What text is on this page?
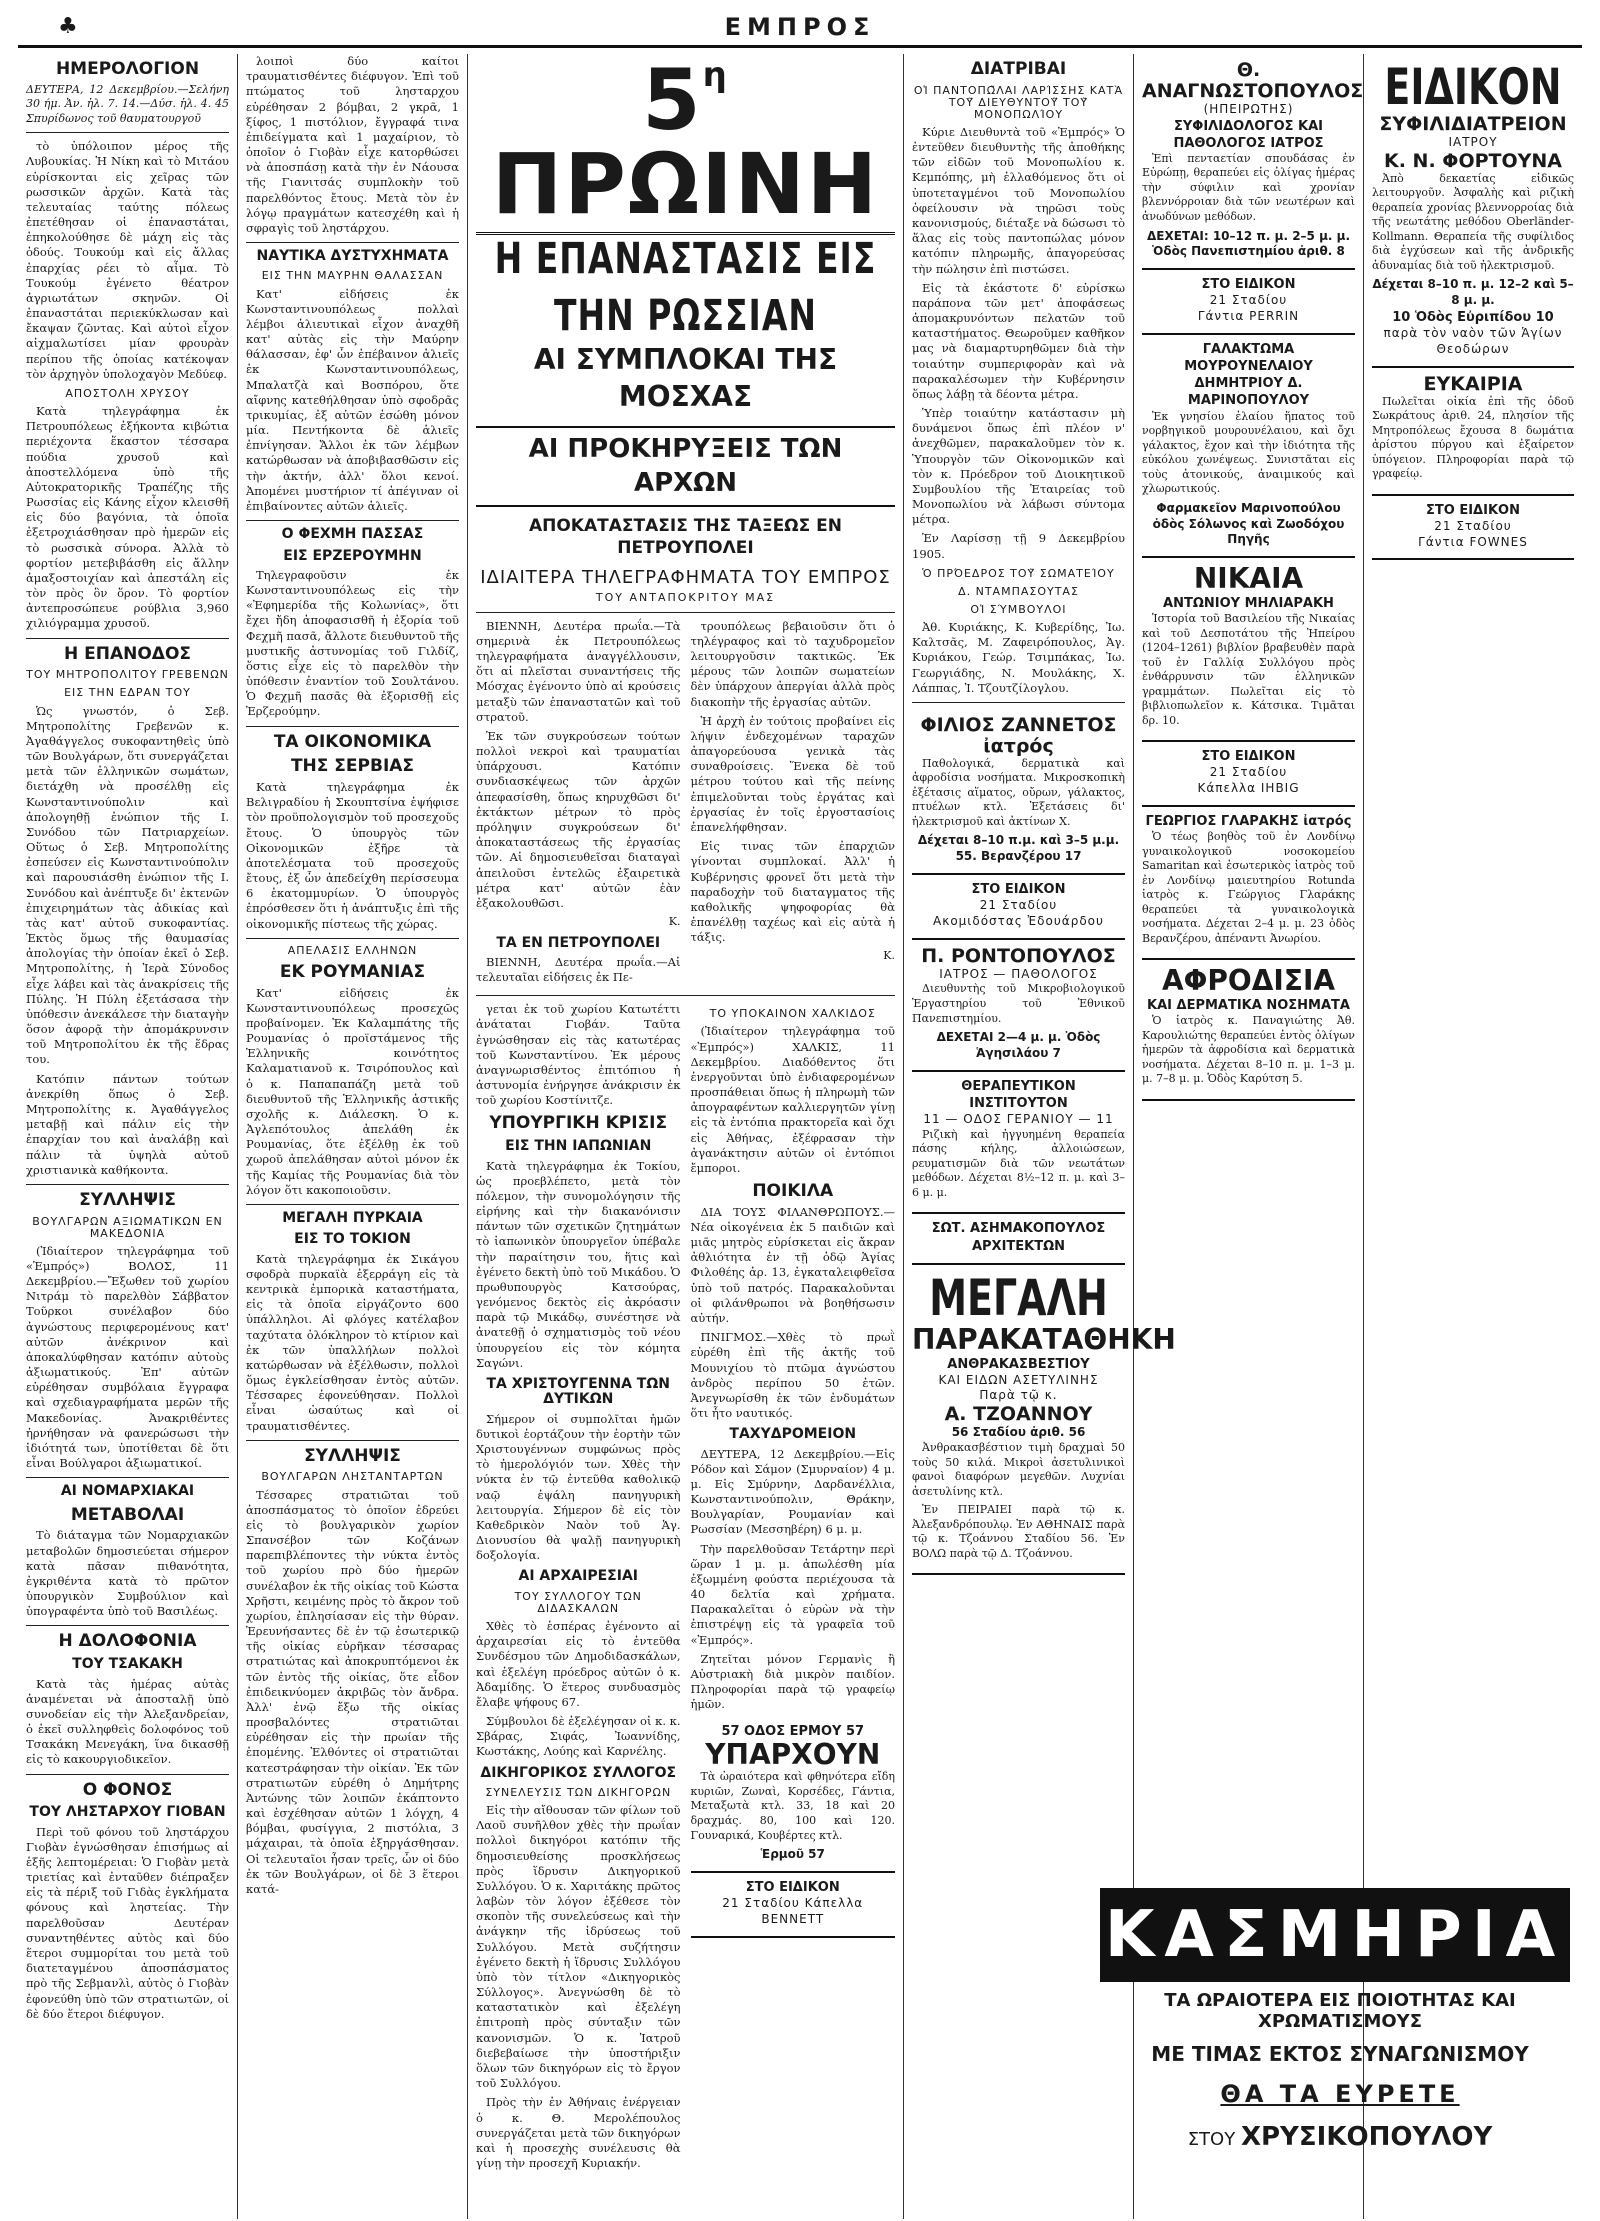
♣	ΕΜΠΡΟΣ
ΗΜΕΡΟΛΟΓΙΟΝ

ΔΕΥΤΕΡΑ, 12 Δεκεμβρίου.—Σελήνη 30 ήμ. Ἀν. ἡλ. 7. 14.—Δύσ. ἡλ. 4. 45 Σπυρίδωνος τοῦ θαυματουργοῦ

τὸ ὑπόλοιπον μέρος τῆς Λυβουκίας. Ἡ Νίκη καὶ τὸ Μιτάου εὑρίσκονται εἰς χεῖρας τῶν ρωσσικῶν ἀρχῶν. Κατὰ τὰς τελευταίας ταύτης πόλεως ἐπετέθησαν οἱ ἐπαναστάται, ἐπηκολούθησε δὲ μάχη εἰς τὰς ὁδούς. Τουκούμ καὶ εἰς ἄλλας ἐπαρχίας ρέει τὸ αἷμα. Τὸ Τουκούμ ἐγένετο θέατρον ἀγριωτάτων σκηνῶν. Οἱ ἐπαναστάται περιεκύκλωσαν καὶ ἔκαψαν ζῶντας. Καὶ αὐτοὶ εἶχον αἰχμαλωτίσει μίαν φρουρὰν περίπου τῆς ὁποίας κατέκοψαν τὸν ἀρχηγὸν ὑπολοχαγὸν Μεδύεφ.

ΑΠΟΣΤΟΛΗ ΧΡΥΣΟΥ

Κατὰ τηλεγράφημα ἐκ Πετρουπόλεως ἐξήκοντα κιβώτια περιέχοντα ἕκαστον τέσσαρα πούδια χρυσοῦ καὶ ἀποστελλόμενα ὑπὸ τῆς Αὐτοκρατορικῆς Τραπέζης τῆς Ρωσσίας εἰς Κάνης εἶχον κλεισθῆ εἰς δύο βαγόνια, τὰ ὁποῖα ἐξετροχιάσθησαν πρὸ ἡμερῶν εἰς τὸ ρωσσικὰ σύνορα. Ἀλλὰ τὸ φορτίον μετεβιβάσθη εἰς ἄλλην ἁμαξοστοιχίαν καὶ ἀπεστάλη εἰς τὸν πρὸς ὃν ὅρον. Τὸ φορτίον ἀντεπροσώπευε ρούβλια 3,960 χιλιόγραμμα χρυσοῦ.

Η ΕΠΑΝΟΔΟΣ
ΤΟΥ ΜΗΤΡΟΠΟΛΙΤΟΥ ΓΡΕΒΕΝΩΝ
ΕΙΣ ΤΗΝ ΕΔΡΑΝ ΤΟΥ

Ὡς γνωστόν, ὁ Σεβ. Μητροπολίτης Γρεβενῶν κ. Ἀγαθάγγελος συκοφαντηθεὶς ὑπὸ τῶν Βουλγάρων, ὅτι συνεργάζεται μετὰ τῶν ἑλληνικῶν σωμάτων, διετάχθη νὰ προσέλθῃ εἰς Κωνσταντινούπολιν καὶ ἀπολογηθῇ ἐνώπιον τῆς Ι. Συνόδου τῶν Πατριαρχείων. Οὕτως ὁ Σεβ. Μητροπολίτης ἐσπεύσεν εἰς Κωνσταντινούπολιν καὶ παρουσιάσθη ἐνώπιον τῆς Ι. Συνόδου καὶ ἀνέπτυξε δι' ἐκτενῶν ἐπιχειρημάτων τὰς ἀδικίας καὶ τὰς κατ' αὐτοῦ συκοφαντίας. Ἐκτὸς ὅμως τῆς θαυμασίας ἀπολογίας τὴν ὁποίαν ἐκεῖ ὁ Σεβ. Μητροπολίτης, ἡ Ἱερὰ Σύνοδος εἶχε λάβει καὶ τὰς ἀνακρίσεις τῆς Πύλης. Ἡ Πύλη ἐξετάσασα τὴν ὑπόθεσιν ἀνεκάλεσε τὴν διαταγὴν ὅσον ἀφορᾷ τὴν ἀπομάκρυνσιν τοῦ Μητροπολίτου ἐκ τῆς ἕδρας του.

Κατόπιν πάντων τούτων ἀνεκρίθη ὅπως ὁ Σεβ. Μητροπολίτης κ. Ἀγαθάγγελος μεταβῇ καὶ πάλιν εἰς τὴν ἐπαρχίαν του καὶ ἀναλάβῃ καὶ πάλιν τὰ ὑψηλὰ αὐτοῦ χριστιανικὰ καθήκοντα.

ΣΥΛΛΗΨΙΣ
ΒΟΥΛΓΑΡΩΝ ΑΞΙΩΜΑΤΙΚΩΝ ΕΝ ΜΑΚΕΔΟΝΙΑ

(Ἰδιαίτερον τηλεγράφημα τοῦ «Ἐμπρός») ΒΟΛΟΣ, 11 Δεκεμβρίου.—Ἔξωθεν τοῦ χωρίου Νιτράμ τὸ παρελθὸν Σάββατον Τοῦρκοι συνέλαβον δύο ἀγνώστους περιφερομένους κατ' αὐτῶν ἀνέκρινον καὶ ἀποκαλύφθησαν κατόπιν αὐτοὺς ἀξιωματικούς. Ἐπ' αὐτῶν εὑρέθησαν συμβόλαια ἔγγραφα καὶ σχεδιαγραφήματα μερῶν τῆς Μακεδονίας. Ἀνακριθέντες ἠρνήθησαν νὰ φανερώσωσι τὴν ἰδιότητά των, ὑποτίθεται δὲ ὅτι εἶναι Βούλγαροι ἀξιωματικοί.

ΑΙ ΝΟΜΑΡΧΙΑΚΑΙ
ΜΕΤΑΒΟΛΑΙ

Τὸ διάταγμα τῶν Νομαρχιακῶν μεταβολῶν δημοσιεύεται σήμερον κατὰ πᾶσαν πιθανότητα, ἐγκριθέντα κατὰ τὸ πρῶτον ὑπουργικὸν Συμβούλιον καὶ ὑπογραφέντα ὑπὸ τοῦ Βασιλέως.

Η ΔΟΛΟΦΟΝΙΑ
ΤΟΥ ΤΣΑΚΑΚΗ

Κατὰ τὰς ἡμέρας αὐτὰς ἀναμένεται νὰ ἀποσταλῇ ὑπὸ συνοδείαν εἰς τὴν Ἀλεξανδρείαν, ὁ ἐκεῖ συλληφθεὶς δολοφόνος τοῦ Τσακάκη Μενεγάκη, ἵνα δικασθῇ εἰς τὸ κακουργιοδικεῖον.

Ο ΦΟΝΟΣ
ΤΟΥ ΛΗΣΤΑΡΧΟΥ ΓΙΟΒΑΝ

Περὶ τοῦ φόνου τοῦ ληστάρχου Γιοβὰν ἐγνώσθησαν ἐπισήμως αἱ ἑξῆς λεπτομέρειαι: Ὁ Γιοβὰν μετὰ τριετίας καὶ ἐνταῦθεν διέπραξεν εἰς τὰ πέριξ τοῦ Γιδὰς ἐγκλήματα φόνους καὶ ληστείας. Τὴν παρελθοῦσαν Δευτέραν συναντηθέντες αὐτὸς καὶ δύο ἕτεροι συμμορίται του μετὰ τοῦ διατεταγμένου ἀποσπάσματος πρὸ τῆς Σεβμανλὶ, αὐτὸς ὁ Γιοβὰν ἐφονεύθη ὑπὸ τῶν στρατιωτῶν, οἱ δὲ δύο ἕτεροι διέφυγον.

λοιποὶ δύο καίτοι τραυματισθέντες διέφυγον. Ἐπὶ τοῦ πτώματος τοῦ λησταρχου εὑρέθησαν 2 βόμβαι, 2 γκρᾶ, 1 ξίφος, 1 πιστόλιον, ἔγγραφά τινα ἐπιδείγματα καὶ 1 μαχαίριον, τὸ ὁποῖον ὁ Γιοβὰν εἶχε κατορθώσει νὰ ἀποσπάσῃ κατὰ τὴν ἐν Νάουσα τῆς Γιανιτσάς συμπλοκὴν τοῦ παρελθόντος ἔτους. Μετὰ τὸν ἐν λόγῳ πραγμάτων κατεσχέθη καὶ ἡ σφραγὶς τοῦ ληστάρχου.

ΝΑΥΤΙΚΑ ΔΥΣΤΥΧΗΜΑΤΑ
ΕΙΣ ΤΗΝ ΜΑΥΡΗΝ ΘΑΛΑΣΣΑΝ

Κατ' εἰδήσεις ἐκ Κωνσταντινουπόλεως πολλαὶ λέμβοι ἁλιευτικαὶ εἶχον ἀναχθῆ κατ' αὐτὰς εἰς τὴν Μαύρην θάλασσαν, ἐφ' ὧν ἐπέβαινον ἁλιεῖς ἐκ Κωνσταντινουπόλεως, Μπαλατζὰ καὶ Βοσπόρου, ὅτε αἴφνης κατεθήλθησαν ὑπὸ σφοδρᾶς τρικυμίας, ἐξ αὐτῶν ἐσώθη μόνον μία. Πεντήκοντα δὲ ἁλιεῖς ἐπνίγησαν. Ἄλλοι ἐκ τῶν λέμβων κατώρθωσαν νὰ ἀποβιβασθῶσιν εἰς τὴν ἀκτήν, ἀλλ' ὅλοι κενοί. Ἀπομένει μυστήριον τί ἀπέγιναν οἱ ἐπιβαίνοντες αὐτῶν ἁλιεῖς.

Ο ΦΕΧΜΗ ΠΑΣΣΑΣ
ΕΙΣ ΕΡΖΕΡΟΥΜΗΝ

Τηλεγραφοῦσιν ἐκ Κωνσταντινουπόλεως εἰς τὴν «Ἐφημερίδα τῆς Κολωνίας», ὅτι ἔχει ἤδη ἀποφασισθῆ ἡ ἐξορία τοῦ Φεχμῆ πασᾶ, ἄλλοτε διευθυντοῦ τῆς μυστικῆς ἀστυνομίας τοῦ Γιλδίζ, ὅστις εἶχε εἰς τὸ παρελθὸν τὴν ὑπόθεσιν ἐναντίον τοῦ Σουλτάνου. Ὁ Φεχμῆ πασᾶς θὰ ἐξορισθῇ εἰς Ἐρζερούμην.

ΤΑ ΟΙΚΟΝΟΜΙΚΑ
ΤΗΣ ΣΕΡΒΙΑΣ

Κατὰ τηλεγράφημα ἐκ Βελιγραδίου ἡ Σκουπτσίνα ἐψήφισε τὸν προϋπολογισμὸν τοῦ προσεχοῦς ἔτους. Ὁ ὑπουργὸς τῶν Οἰκονομικῶν ἐξῆρε τὰ ἀποτελέσματα τοῦ προσεχοῦς ἔτους, ἐξ ὧν ἀπεδείχθη περίσσευμα 6 ἑκατομμυρίων. Ὁ ὑπουργὸς ἐπρόσθεσεν ὅτι ἡ ἀνάπτυξις ἐπὶ τῆς οἰκονομικῆς πίστεως τῆς χώρας.

ΑΠΕΛΑΣΙΣ ΕΛΛΗΝΩΝ
ΕΚ ΡΟΥΜΑΝΙΑΣ

Κατ' εἰδήσεις ἐκ Κωνσταντινουπόλεως προσεχῶς προβαίνομεν. Ἐκ Καλαμπάτης τῆς Ρουμανίας ὁ προϊστάμενος τῆς Ἑλληνικῆς κοινότητος Καλαματιανοῦ κ. Τσιρόπουλος καὶ ὁ κ. Παπαπαπάζη μετὰ τοῦ διευθυντοῦ τῆς Ἑλληνικῆς ἀστικῆς σχολῆς κ. Διάλεσκη. Ὁ κ. Ἀγλεπότουλος ἀπελάθη ἐκ Ρουμανίας, ὅτε ἐξέλθῃ ἐκ τοῦ χωροῦ ἀπελάθησαν αὐτοὶ μόνον ἐκ τῆς Καμίας τῆς Ρουμανίας διὰ τὸν λόγον ὅτι κακοποιοῦσιν.

ΜΕΓΑΛΗ ΠΥΡΚΑΙΑ
ΕΙΣ ΤΟ ΤΟΚΙΟΝ

Κατὰ τηλεγράφημα ἐκ Σικάγου σφοδρὰ πυρκαϊὰ ἐξερράγη εἰς τὰ κεντρικὰ ἐμπορικὰ καταστήματα, εἰς τὰ ὁποῖα εἰργάζοντο 600 ὑπάλληλοι. Αἱ φλόγες κατέλαβον ταχύτατα ὁλόκληρον τὸ κτίριον καὶ ἐκ τῶν ὑπαλλήλων πολλοὶ κατώρθωσαν νὰ ἐξέλθωσιν, πολλοὶ ὅμως ἐγκλείσθησαν ἐντὸς αὐτῶν. Τέσσαρες ἐφονεύθησαν. Πολλοὶ εἶναι ὡσαύτως καὶ οἱ τραυματισθέντες.

ΣΥΛΛΗΨΙΣ
ΒΟΥΛΓΑΡΩΝ ΛΗΣΤΑΝΤΑΡΤΩΝ

Τέσσαρες στρατιῶται τοῦ ἀποσπάσματος τὸ ὁποῖον ἐδρεύει εἰς τὸ βουλγαρικὸν χωρίον Σπανσέβον τῶν Κοζάνων παρεπιβλέποντες τὴν νύκτα ἐντὸς τοῦ χωρίου πρὸ δύο ἡμερῶν συνέλαβον ἐκ τῆς οἰκίας τοῦ Κώστα Χρῆστι, κειμένης πρὸς τὸ ἄκρον τοῦ χωρίου, ἐπλησίασαν εἰς τὴν θύραν. Ἐρευνήσαντες δὲ ἐν τῷ ἐσωτερικῷ τῆς οἰκίας εὑρῆκαν τέσσαρας στρατιώτας καὶ ἀποκρυπτόμενοι ἐκ τῶν ἐντὸς τῆς οἰκίας, ὅτε εἶδον ἐπιδεικνύομεν ἀκριβῶς τὸν ἄνδρα. Ἀλλ' ἐνῷ ἔξω τῆς οἰκίας προσβαλόντες στρατιῶται εὑρέθησαν εἰς τὴν πρωίαν τῆς ἑπομένης. Ἐλθόντες οἱ στρατιῶται κατεστράφησαν τὴν οἰκίαν. Ἐκ τῶν στρατιωτῶν εὑρέθη ὁ Δημήτρης Ἀντώνης τῶν λοιπῶν ἐκάπτοντο καὶ ἐσχέθησαν αὐτῶν 1 λόγχη, 4 βόμβαι, φυσίγγια, 2 πιστόλια, 3 μάχαιραι, τὰ ὁποῖα ἐξηργάσθησαν. Οἱ τελευταῖοι ἦσαν τρεῖς, ὧν οἱ δύο ἐκ τῶν Βουλγάρων, οἱ δὲ 3 ἕτεροι κατά-

$5^\eta$ ΠΡΩΙΝΗ
Η ΕΠΑΝΑΣΤΑΣΙΣ ΕΙΣ ΤΗΝ ΡΩΣΣΙΑΝ
ΑΙ ΣΥΜΠΛΟΚΑΙ ΤΗΣ ΜΟΣΧΑΣ
ΑΙ ΠΡΟΚΗΡΥΞΕΙΣ ΤΩΝ ΑΡΧΩΝ
ΑΠΟΚΑΤΑΣΤΑΣΙΣ ΤΗΣ ΤΑΞΕΩΣ ΕΝ ΠΕΤΡΟΥΠΟΛΕΙ
ΙΔΙΑΙΤΕΡΑ ΤΗΛΕΓΡΑΦΗΜΑΤΑ ΤΟΥ ΕΜΠΡΟΣ
ΤΟΥ ΑΝΤΑΠΟΚΡΙΤΟΥ ΜΑΣ

ΒΙΕΝΝΗ, Δευτέρα πρωΐα.—Τὰ σημερινὰ ἐκ Πετρουπόλεως τηλεγραφήματα ἀναγγέλλουσιν, ὅτι αἱ πλεῖσται συναντήσεις τῆς Μόσχας ἐγένοντο ὑπὸ αἱ κρούσεις μεταξὺ τῶν ἐπαναστατῶν καὶ τοῦ στρατοῦ.

Ἐκ τῶν συγκρούσεων τούτων πολλοὶ νεκροὶ καὶ τραυματίαι ὑπάρχουσι. Κατόπιν συνδιασκέψεως τῶν ἀρχῶν ἀπεφασίσθη, ὅπως κηρυχθῶσι δι' ἐκτάκτων μέτρων τὸ πρὸς πρόληψιν συγκρούσεων δι' ἀποκαταστάσεως τῆς ἐργασίας τῶν. Αἱ δημοσιευθεῖσαι διαταγαὶ ἀπειλοῦσι ἐντελῶς ἐξαιρετικὰ μέτρα κατ' αὐτῶν ἐὰν ἐξακολουθῶσι.

Κ.

ΤΑ ΕΝ ΠΕΤΡΟΥΠΟΛΕΙ

ΒΙΕΝΝΗ, Δευτέρα πρωΐα.—Αἱ τελευταῖαι εἰδήσεις ἐκ Πε-

τρουπόλεως βεβαιοῦσιν ὅτι ὁ τηλέγραφος καὶ τὸ ταχυδρομεῖον λειτουργοῦσιν τακτικῶς. Ἐκ μέρους τῶν λοιπῶν σωματείων δὲν ὑπάρχουν ἀπεργίαι ἀλλὰ πρὸς διακοπὴν τῆς ἐργασίας αὐτῶν.

Ἡ ἀρχὴ ἐν τούτοις προβαίνει εἰς λήψιν ἐνδεχομένων ταραχῶν ἀπαγορεύουσα γενικὰ τὰς συναθροίσεις. Ἕνεκα δὲ τοῦ μέτρου τούτου καὶ τῆς πείνης ἐπιμελοῦνται τοὺς ἐργάτας καὶ ἐργασίας ἐν τοῖς ἐργοστασίοις ἐπανελήφθησαν.

Εἰς τινας τῶν ἐπαρχιῶν γίνονται συμπλοκαί. Ἀλλ' ἡ Κυβέρνησις φρονεῖ ὅτι μετὰ τὴν παραδοχὴν τοῦ διαταγματος τῆς καθολικῆς ψηφοφορίας θὰ ἐπανέλθῃ ταχέως καὶ εἰς αὐτὰ ἡ τάξις.

Κ.

γεται ἐκ τοῦ χωρίου Κατωτέττι ἀνάταται Γιοβάν. Ταῦτα ἐγνώσθησαν εἰς τὰς κατωτέρας τοῦ Κωνσταντίνου. Ἐκ μέρους ἀναγνωρισθέντος ἐπιτόπιου ἡ ἀστυνομία ἐνήργησε ἀνάκρισιν ἐκ τοῦ χωρίου Κοστίνιτζε.

ΥΠΟΥΡΓΙΚΗ ΚΡΙΣΙΣ
ΕΙΣ ΤΗΝ ΙΑΠΩΝΙΑΝ

Κατὰ τηλεγράφημα ἐκ Τοκίου, ὡς προεβλέπετο, μετὰ τὸν πόλεμον, τὴν συνομολόγησιν τῆς εἰρήνης καὶ τὴν διακανόνισιν πάντων τῶν σχετικῶν ζητημάτων τὸ ἰαπωνικὸν ὑπουργεῖον ὑπέβαλε τὴν παραίτησιν του, ἥτις καὶ ἐγένετο δεκτὴ ὑπὸ τοῦ Μικάδου. Ὁ πρωθυπουργὸς Κατσούρας, γενόμενος δεκτὸς εἰς ἀκρόασιν παρὰ τῷ Μικάδῳ, συνέστησε νὰ ἀνατεθῇ ὁ σχηματισμὸς τοῦ νέου ὑπουργείου εἰς τὸν κόμητα Σαγώνι.

ΤΑ ΧΡΙΣΤΟΥΓΕΝΝΑ ΤΩΝ ΔΥΤΙΚΩΝ

Σήμερον οἱ συμπολῖται ἡμῶν δυτικοὶ ἑορτάζουν τὴν ἑορτὴν τῶν Χριστουγέννων συμφώνως πρὸς τὸ ἡμερολόγιόν των. Χθὲς τὴν νύκτα ἐν τῷ ἐντεῦθα καθολικῷ ναῷ ἐψάλη πανηγυρικὴ λειτουργία. Σήμερον δὲ εἰς τὸν Καθεδρικὸν Ναὸν τοῦ Ἁγ. Διονυσίου θὰ ψαλῇ πανηγυρικὴ δοξολογία.

ΑΙ ΑΡΧΑΙΡΕΣΙΑΙ
ΤΟΥ ΣΥΛΛΟΓΟΥ ΤΩΝ ΔΙΔΑΣΚΑΛΩΝ

Χθὲς τὸ ἑσπέρας ἐγένοντο αἱ ἀρχαιρεσίαι εἰς τὸ ἐντεῦθα Συνδέσμου τῶν Δημοδιδασκάλων, καὶ ἐξελέγη πρόεδρος αὐτῶν ὁ κ. Ἀδαμίδης. Ὁ ἕτερος συνδυασμὸς ἔλαβε ψήφους 67.

Σύμβουλοι δὲ ἐξελέγησαν οἱ κ. κ. Σβάρας, Σιφάς, Ἰωαννίδης, Κωστάκης, Λούης καὶ Καρνέλης.

ΔΙΚΗΓΟΡΙΚΟΣ ΣΥΛΛΟΓΟΣ
ΣΥΝΕΛΕΥΣΙΣ ΤΩΝ ΔΙΚΗΓΟΡΩΝ

Εἰς τὴν αἴθουσαν τῶν φίλων τοῦ Λαοῦ συνῆλθον χθὲς τὴν πρωΐαν πολλοὶ δικηγόροι κατόπιν τῆς δημοσιευθείσης προσκλήσεως πρὸς ἵδρυσιν Δικηγορικοῦ Συλλόγου. Ὁ κ. Χαριτάκης πρῶτος λαβὼν τὸν λόγον ἐξέθεσε τὸν σκοπὸν τῆς συνελεύσεως καὶ τὴν ἀνάγκην τῆς ἱδρύσεως τοῦ Συλλόγου. Μετὰ συζήτησιν ἐγένετο δεκτὴ ἡ ἵδρυσις Συλλόγου ὑπὸ τὸν τίτλον «Δικηγορικὸς Σύλλογος». Ἀνεγνώσθη δὲ τὸ καταστατικὸν καὶ ἐξελέγη ἐπιτροπὴ πρὸς σύνταξιν τῶν κανονισμῶν. Ὁ κ. Ἰατροῦ διεβεβαίωσε τὴν ὑποστήριξιν ὅλων τῶν δικηγόρων εἰς τὸ ἔργον τοῦ Συλλόγου.

Πρὸς τὴν ἐν Ἀθήναις ἐνέργειαν ὁ κ. Θ. Μερολέπουλος συνεργάζεται μετὰ τῶν δικηγόρων καὶ ἡ προσεχὴς συνέλευσις θὰ γίνῃ τὴν προσεχῆ Κυριακήν.

ΤΟ ΥΠΟΚΑΙΝΟΝ ΧΑΛΚΙΔΟΣ

(Ἰδιαίτερον τηλεγράφημα τοῦ «Ἐμπρός») ΧΑΛΚΙΣ, 11 Δεκεμβρίου. Διαδόθεντος ὅτι ἐνεργοῦνται ὑπὸ ἐνδιαφερομένων προσπάθειαι ὅπως ἡ πληρωμὴ τῶν ἀπογραφέντων καλλιεργητῶν γίνῃ εἰς τὰ ἐντόπια πρακτορεῖα καὶ ὄχι εἰς Ἀθήνας, ἐξέφρασαν τὴν ἀγανάκτησιν αὐτῶν οἱ ἐντόπιοι ἔμποροι.

ΠΟΙΚΙΛΑ

ΔΙΑ ΤΟΥΣ ΦΙΛΑΝΘΡΩΠΟΥΣ.—Νέα οἰκογένεια ἐκ 5 παιδιῶν καὶ μιᾶς μητρὸς εὑρίσκεται εἰς ἄκραν ἀθλιότητα ἐν τῇ ὁδῷ Ἁγίας Φιλοθέης ἀρ. 13, ἐγκαταλειφθεῖσα ὑπὸ τοῦ πατρός. Παρακαλοῦνται οἱ φιλάνθρωποι νὰ βοηθήσωσιν αὐτήν.

ΠΝΙΓΜΟΣ.—Χθὲς τὸ πρωῒ εὑρέθη ἐπὶ τῆς ἀκτῆς τοῦ Μουνιχίου τὸ πτῶμα ἀγνώστου ἀνδρὸς περίπου 50 ἐτῶν. Ἀνεγνωρίσθη ἐκ τῶν ἐνδυμάτων ὅτι ἦτο ναυτικός.

ΤΑΧΥΔΡΟΜΕΙΟΝ

ΔΕΥΤΕΡΑ, 12 Δεκεμβρίου.—Εἰς Ρόδον καὶ Σάμον (Σμυρναίον) 4 μ. μ. Εἰς Σμύρνην, Δαρδανέλλια, Κωνσταντινούπολιν, Θράκην, Βουλγαρίαν, Ρουμανίαν καὶ Ρωσσίαν (Μεσσηβέρη) 6 μ. μ.

Τὴν παρελθοῦσαν Τετάρτην περὶ ὥραν 1 μ. μ. ἀπωλέσθη μία ἐξωμμένη φούστα περιέχουσα τὰ 40 δελτία καὶ χρήματα. Παρακαλεῖται ὁ εὑρὼν νὰ τὴν ἐπιστρέψῃ εἰς τὰ γραφεῖα τοῦ «Ἐμπρός».

Ζητεῖται μόνον Γερμανὶς ἢ Αὐστριακὴ διὰ μικρὸν παιδίον. Πληροφορίαι παρὰ τῷ γραφείῳ ἡμῶν.

57 ΟΔΟΣ ΕΡΜΟΥ 57
ΥΠΑΡΧΟΥΝ

Τὰ ὡραιότερα καὶ φθηνότερα εἴδη κυριῶν, Ζωναὶ, Κορσέδες, Γάντια, Μεταξωτὰ κτλ. 33, 18 καὶ 20 δραχμάς. 80, 100 καὶ 120. Γουναρικά, Κουβέρτες κτλ.

Ἑρμοῦ 57
ΣΤΟ ΕΙΔΙΚΟΝ
21 Σταδίου Κάπελλα BENNETT
ΔΙΑΤΡΙΒΑΙ
ΟἹ ΠΑΝΤΟΠΩ͂ΛΑΙ ΛΑΡΊΣΣΗΣ ΚΑΤᾺ ΤΟΥ͂ ΔΙΕΥΘΥΝΤΟΥ͂ ΤΟΥ͂ ΜΟΝΟΠΩΛΊΟΥ

Κύριε Διευθυντὰ τοῦ «Ἐμπρός» Ὁ ἐντεῦθεν διευθυντὴς τῆς ἀποθήκης τῶν εἰδῶν τοῦ Μονοπωλίου κ. Κεμπόπης, μὴ ἐλλαθόμενος ὅτι οἱ ὑποτεταγμένοι τοῦ Μονοπωλίου ὀφείλουσιν νὰ τηρῶσι τοὺς κανονισμούς, διέταξε νὰ δώσωσι τὸ ἅλας εἰς τοὺς παντοπώλας μόνον κατόπιν πληρωμῆς, ἀπαγορεύσας τὴν πώλησιν ἐπὶ πιστώσει.

Εἰς τὰ ἐκάστοτε δ' εὑρίσκω παράπονα τῶν μετ' ἀποφάσεως ἀπομακρυνόντων πελατῶν τοῦ καταστήματος. Θεωροῦμεν καθῆκον μας νὰ διαμαρτυρηθῶμεν διὰ τὴν τοιαύτην συμπεριφορὰν καὶ νὰ παρακαλέσωμεν τὴν Κυβέρνησιν ὅπως λάβῃ τὰ δέοντα μέτρα.

Ὑπὲρ τοιαύτην κατάστασιν μὴ δυνάμενοι ὅπως ἐπὶ πλέον ν' ἀνεχθῶμεν, παρακαλοῦμεν τὸν κ. Ὑπουργὸν τῶν Οἰκονομικῶν καὶ τὸν κ. Πρόεδρον τοῦ Διοικητικοῦ Συμβουλίου τῆς Ἑταιρείας τοῦ Μονοπωλίου νὰ λάβωσι σύντομα μέτρα.

Ἐν Λαρίσσῃ τῇ 9 Δεκεμβρίου 1905.

Ὁ ΠΡΌΕΔΡΟΣ ΤΟΥ͂ ΣΩΜΑΤΕΊΟΥ
Δ. ΝΤΑΜΠΑΣΟΥΤΑΣ
ΟἹ ΣΎΜΒΟΥΛΟΙ

Ἀθ. Κυριάκης, Κ. Κυβερίδης, Ἰω. Καλτσᾶς, Μ. Ζαφειρόπουλος, Ἀγ. Κυριάκου, Γεώρ. Τσιμπάκας, Ἰω. Γεωργιάδης, Ν. Μουλάκης, Χ. Λάππας, Ἰ. Τζουτζίλογλου.

ΦΙΛΙΟΣ ΖΑΝΝΕΤΟΣ ἰατρός

Παθολογικά, δερματικὰ καὶ ἀφροδίσια νοσήματα. Μικροσκοπικὴ ἐξέτασις αἵματος, οὔρων, γάλακτος, πτυέλων κτλ. Ἐξετάσεις δι' ἠλεκτρισμοῦ καὶ ἀκτίνων Χ.

Δέχεται 8–10 π.μ. καὶ 3–5 μ.μ. 55. Βερανζέρου 17
ΣΤΟ ΕΙΔΙΚΟΝ
21 Σταδίου
Ακομιδόστας Ἐδουάρδου
Π. ΡΟΝΤΟΠΟΥΛΟΣ
ΙΑΤΡΟΣ — ΠΑΘΟΛΟΓΟΣ

Διευθυντὴς τοῦ Μικροβιολογικοῦ Ἐργαστηρίου τοῦ Ἐθνικοῦ Πανεπιστημίου.

ΔΕΧΕΤΑΙ 2—4 μ. μ. Ὁδὸς Ἁγησιλάου 7
ΘΕΡΑΠΕΥΤΙΚΟΝ ΙΝΣΤΙΤΟΥΤΟΝ
11 — ΟΔΟΣ ΓΕΡΑΝΙΟΥ — 11

Ριζικὴ καὶ ἠγγυημένη θεραπεία πάσης κήλης, ἀλλοιώσεων, ρευματισμῶν διὰ τῶν νεωτάτων μεθόδων. Δέχεται 8½–12 π. μ. καὶ 3–6 μ. μ.

ΣΩΤ. ΑΣΗΜΑΚΟΠΟΥΛΟΣ
ΑΡΧΙΤΕΚΤΩΝ
ΜΕΓΑΛΗ
ΠΑΡΑΚΑΤΑΘΗΚΗ
ΑΝΘΡΑΚΑΣΒΕΣΤΙΟΥ
ΚΑΙ ΕΙΔΩΝ ΑΣΕΤΥΛΙΝΗΣ
Παρὰ τῷ κ.
Α. ΤΖΟΑΝΝΟΥ
56 Σταδίου ἀριθ. 56

Ἀνθρακασβέστιον τιμὴ δραχμαὶ 50 τοὺς 50 κιλά. Μικροὶ ἀσετυλινικοὶ φανοὶ διαφόρων μεγεθῶν. Λυχνίαι ἀσετυλίνης κτλ.

Ἐν ΠΕΙΡΑΙΕΙ παρὰ τῷ κ. Ἀλεξανδρόπουλῳ. Ἐν ΑΘΗΝΑΙΣ παρὰ τῷ κ. Τζοάννου Σταδίου 56. Ἐν ΒΟΛΩ παρὰ τῷ Δ. Τζοάννου.

Θ. ΑΝΑΓΝΩΣΤΟΠΟΥΛΟΣ
(ΗΠΕΙΡΩΤΗΣ)
ΣΥΦΙΛΙΔΟΛΟΓΟΣ ΚΑΙ ΠΑΘΟΛΟΓΟΣ ΙΑΤΡΟΣ

Ἐπὶ πενταετίαν σπουδάσας ἐν Εὐρώπῃ, θεραπεύει εἰς ὀλίγας ἡμέρας τὴν σύφιλιν καὶ χρονίαν βλεννόρροιαν διὰ τῶν νεωτέρων καὶ ἀνωδύνων μεθόδων.

ΔΕΧΕΤΑΙ: 10–12 π. μ. 2–5 μ. μ. Ὁδὸς Πανεπιστημίου ἀριθ. 8
ΣΤΟ ΕΙΔΙΚΟΝ
21 Σταδίου
Γάντια PERRIN
ΓΑΛΑΚΤΩΜΑ ΜΟΥΡΟΥΝΕΛΑΙΟΥ
ΔΗΜΗΤΡΙΟΥ Δ. ΜΑΡΙΝΟΠΟΥΛΟΥ

Ἐκ γνησίου ἐλαίου ἥπατος τοῦ νορβηγικοῦ μουρουνέλαιου, καὶ ὄχι γάλακτος, ἔχον καὶ τὴν ἰδιότητα τῆς εὐκόλου χωνέψεως. Συνιστᾶται εἰς τοὺς ἀτονικούς, ἀναιμικούς καὶ χλωρωτικούς.

Φαρμακεῖον Μαρινοπούλου ὁδὸς Σόλωνος καὶ Ζωοδόχου Πηγῆς
ΝΙΚΑΙΑ
ΑΝΤΩΝΙΟΥ ΜΗΛΙΑΡΑΚΗ

Ἱστορία τοῦ Βασιλείου τῆς Νικαίας καὶ τοῦ Δεσποτάτου τῆς Ἠπείρου (1204–1261) βιβλίον βραβευθὲν παρὰ τοῦ ἐν Γαλλίᾳ Συλλόγου πρὸς ἐνθάρρυνσιν τῶν ἑλληνικῶν γραμμάτων. Πωλεῖται εἰς τὸ βιβλιοπωλεῖον κ. Κάτσικα. Τιμᾶται δρ. 10.

ΣΤΟ ΕΙΔΙΚΟΝ
21 Σταδίου
Κάπελλα IHBIG
ΓΕΩΡΓΙΟΣ ΓΛΑΡΑΚΗΣ ἰατρός

Ὁ τέως βοηθὸς τοῦ ἐν Λονδίνῳ γυναικολογικοῦ νοσοκομείου Samaritan καὶ ἐσωτερικὸς ἰατρὸς τοῦ ἐν Λονδίνῳ μαιευτηρίου Rotunda ἰατρὸς κ. Γεώργιος Γλαράκης θεραπεύει τὰ γυναικολογικὰ νοσήματα. Δέχεται 2–4 μ. μ. 23 ὁδὸς Βερανζέρου, ἀπέναντι Ἀνωρίου.

ΑΦΡΟΔΙΣΙΑ
ΚΑΙ ΔΕΡΜΑΤΙΚΑ ΝΟΣΗΜΑΤΑ

Ὁ ἰατρὸς κ. Παναγιώτης Ἀθ. Καρουλιώτης θεραπεύει ἐντὸς ὀλίγων ἡμερῶν τὰ ἀφροδίσια καὶ δερματικὰ νοσήματα. Δέχεται 8–10 π. μ. 1–3 μ. μ. 7–8 μ. μ. Ὁδὸς Καρύτση 5.

ΕΙΔΙΚΟΝ
ΣΥΦΙΛΙΔΙΑΤΡΕΙΟΝ
ΙΑΤΡΟΥ
Κ. Ν. ΦΟΡΤΟΥΝΑ

Ἀπὸ δεκαετίας εἰδικῶς λειτουργοῦν. Ἀσφαλὴς καὶ ριζικὴ θεραπεία χρονίας βλεννορροίας διὰ τῆς νεωτάτης μεθόδου Oberländer-Kollmann. Θεραπεία τῆς συφίλιδος διὰ ἐγχύσεων καὶ τῆς ἀνδρικῆς ἀδυναμίας διὰ τοῦ ἠλεκτρισμοῦ.

Δέχεται 8–10 π. μ. 12–2 καὶ 5–8 μ. μ.
10 Ὁδὸς Εὐριπίδου 10
παρὰ τὸν ναὸν τῶν Ἁγίων Θεοδώρων
ΕΥΚΑΙΡΙΑ

Πωλεῖται οἰκία ἐπὶ τῆς ὁδοῦ Σωκράτους ἀριθ. 24, πλησίον τῆς Μητροπόλεως ἔχουσα 8 δωμάτια ἀρίστου πύργου καὶ ἐξαίρετον ὑπόγειον. Πληροφορίαι παρὰ τῷ γραφείῳ.

ΣΤΟ ΕΙΔΙΚΟΝ
21 Σταδίου
Γάντια FOWNES
ΚΑΣΜΗΡΙΑ
ΤΑ ΩΡΑΙΟΤΕΡΑ ΕΙΣ ΠΟΙΟΤΗΤΑΣ ΚΑΙ ΧΡΩΜΑΤΙΣΜΟΥΣ
ΜΕ ΤΙΜΑΣ ΕΚΤΟΣ ΣΥΝΑΓΩΝΙΣΜΟΥ
ΘΑ ΤΑ ΕΥΡΕΤΕ
ΣΤΟΥ ΧΡΥΣΙΚΟΠΟΥΛΟΥ
